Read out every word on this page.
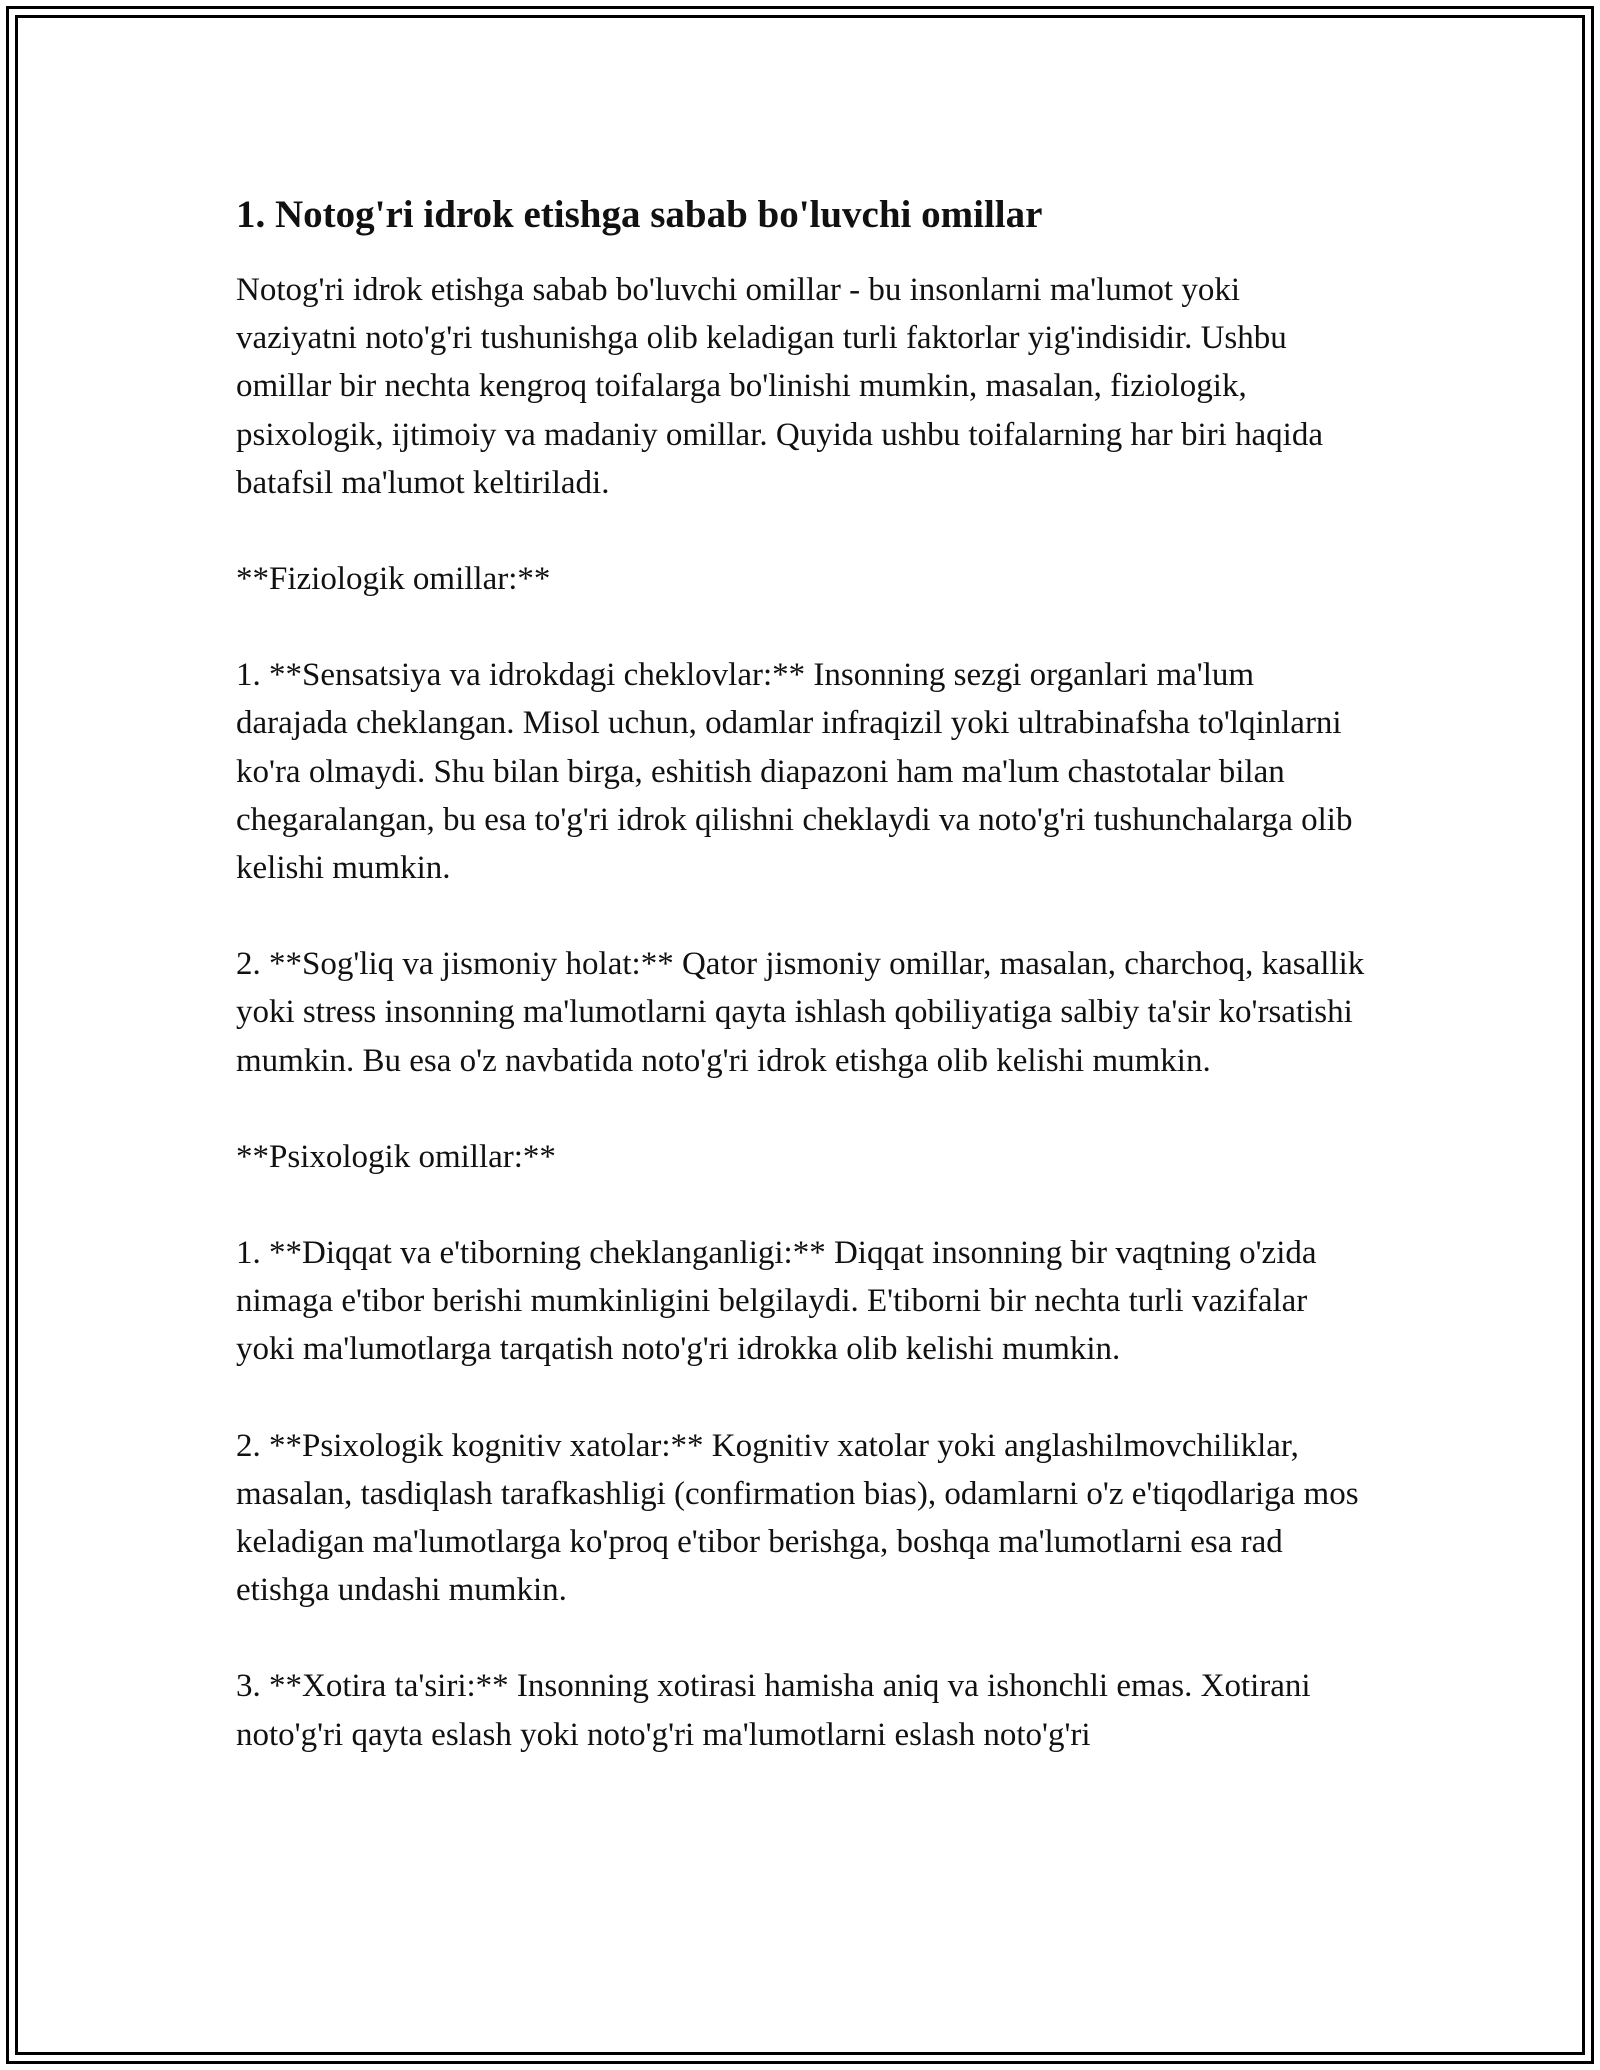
1. Notog'ri idrok etishga sabab bo'luvchi omillar

Notog'ri idrok etishga sabab bo'luvchi omillar - bu insonlarni ma'lumot yoki vaziyatni noto'g'ri tushunishga olib keladigan turli faktorlar yig'indisidir. Ushbu omillar bir nechta kengroq toifalarga bo'linishi mumkin, masalan, fiziologik, psixologik, ijtimoiy va madaniy omillar. Quyida ushbu toifalarning har biri haqida batafsil ma'lumot keltiriladi.

**Fiziologik omillar:**

1. **Sensatsiya va idrokdagi cheklovlar:** Insonning sezgi organlari ma'lum darajada cheklangan. Misol uchun, odamlar infraqizil yoki ultrabinafsha to'lqinlarni ko'ra olmaydi. Shu bilan birga, eshitish diapazoni ham ma'lum chastotalar bilan chegaralangan, bu esa to'g'ri idrok qilishni cheklaydi va noto'g'ri tushunchalarga olib kelishi mumkin.

2. **Sog'liq va jismoniy holat:** Qator jismoniy omillar, masalan, charchoq, kasallik yoki stress insonning ma'lumotlarni qayta ishlash qobiliyatiga salbiy ta'sir ko'rsatishi mumkin. Bu esa o'z navbatida noto'g'ri idrok etishga olib kelishi mumkin.

**Psixologik omillar:**

1. **Diqqat va e'tiborning cheklanganligi:** Diqqat insonning bir vaqtning o'zida nimaga e'tibor berishi mumkinligini belgilaydi. E'tiborni bir nechta turli vazifalar yoki ma'lumotlarga tarqatish noto'g'ri idrokka olib kelishi mumkin.

2. **Psixologik kognitiv xatolar:** Kognitiv xatolar yoki anglashilmovchiliklar, masalan, tasdiqlash tarafkashligi (confirmation bias), odamlarni o'z e'tiqodlariga mos keladigan ma'lumotlarga ko'proq e'tibor berishga, boshqa ma'lumotlarni esa rad etishga undashi mumkin.

3. **Xotira ta'siri:** Insonning xotirasi hamisha aniq va ishonchli emas. Xotirani noto'g'ri qayta eslash yoki noto'g'ri ma'lumotlarni eslash noto'g'ri
